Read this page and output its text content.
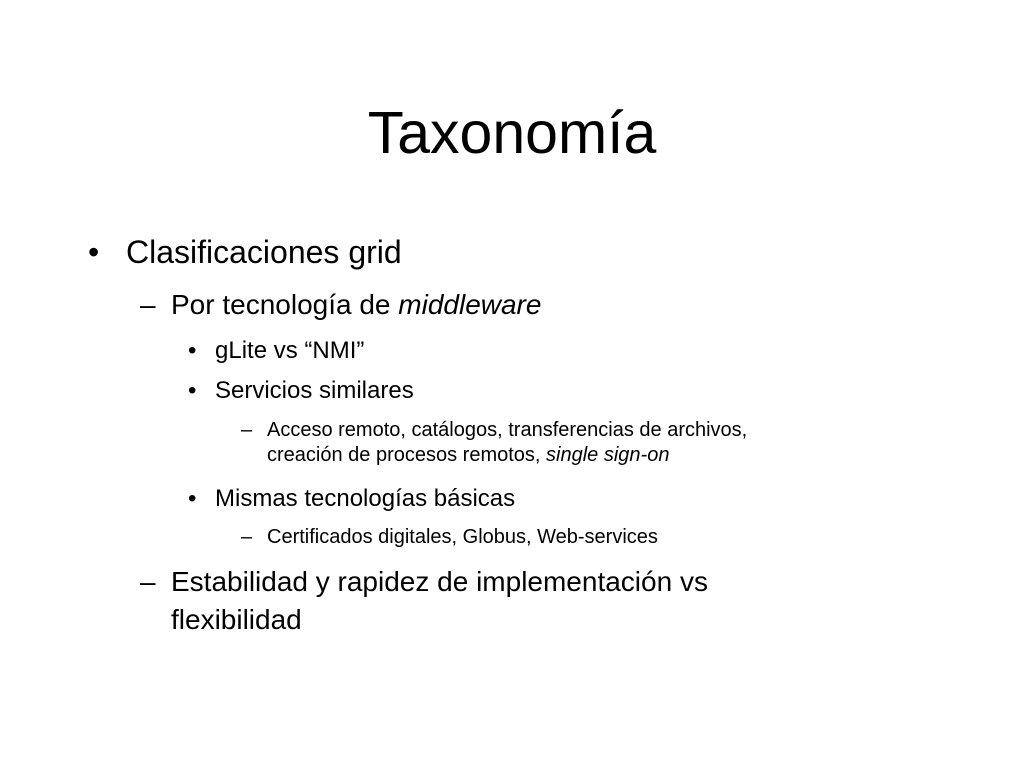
Taxonomía
• Clasificaciones grid
– Por tecnología de middleware
• gLite vs “NMI”
• Servicios similares
– Acceso remoto, catálogos, transferencias de archivos,
creación de procesos remotos, single sign-on
• Mismas tecnologías básicas
– Certificados digitales, Globus, Web-services
– Estabilidad y rapidez de implementación vs
flexibilidad
